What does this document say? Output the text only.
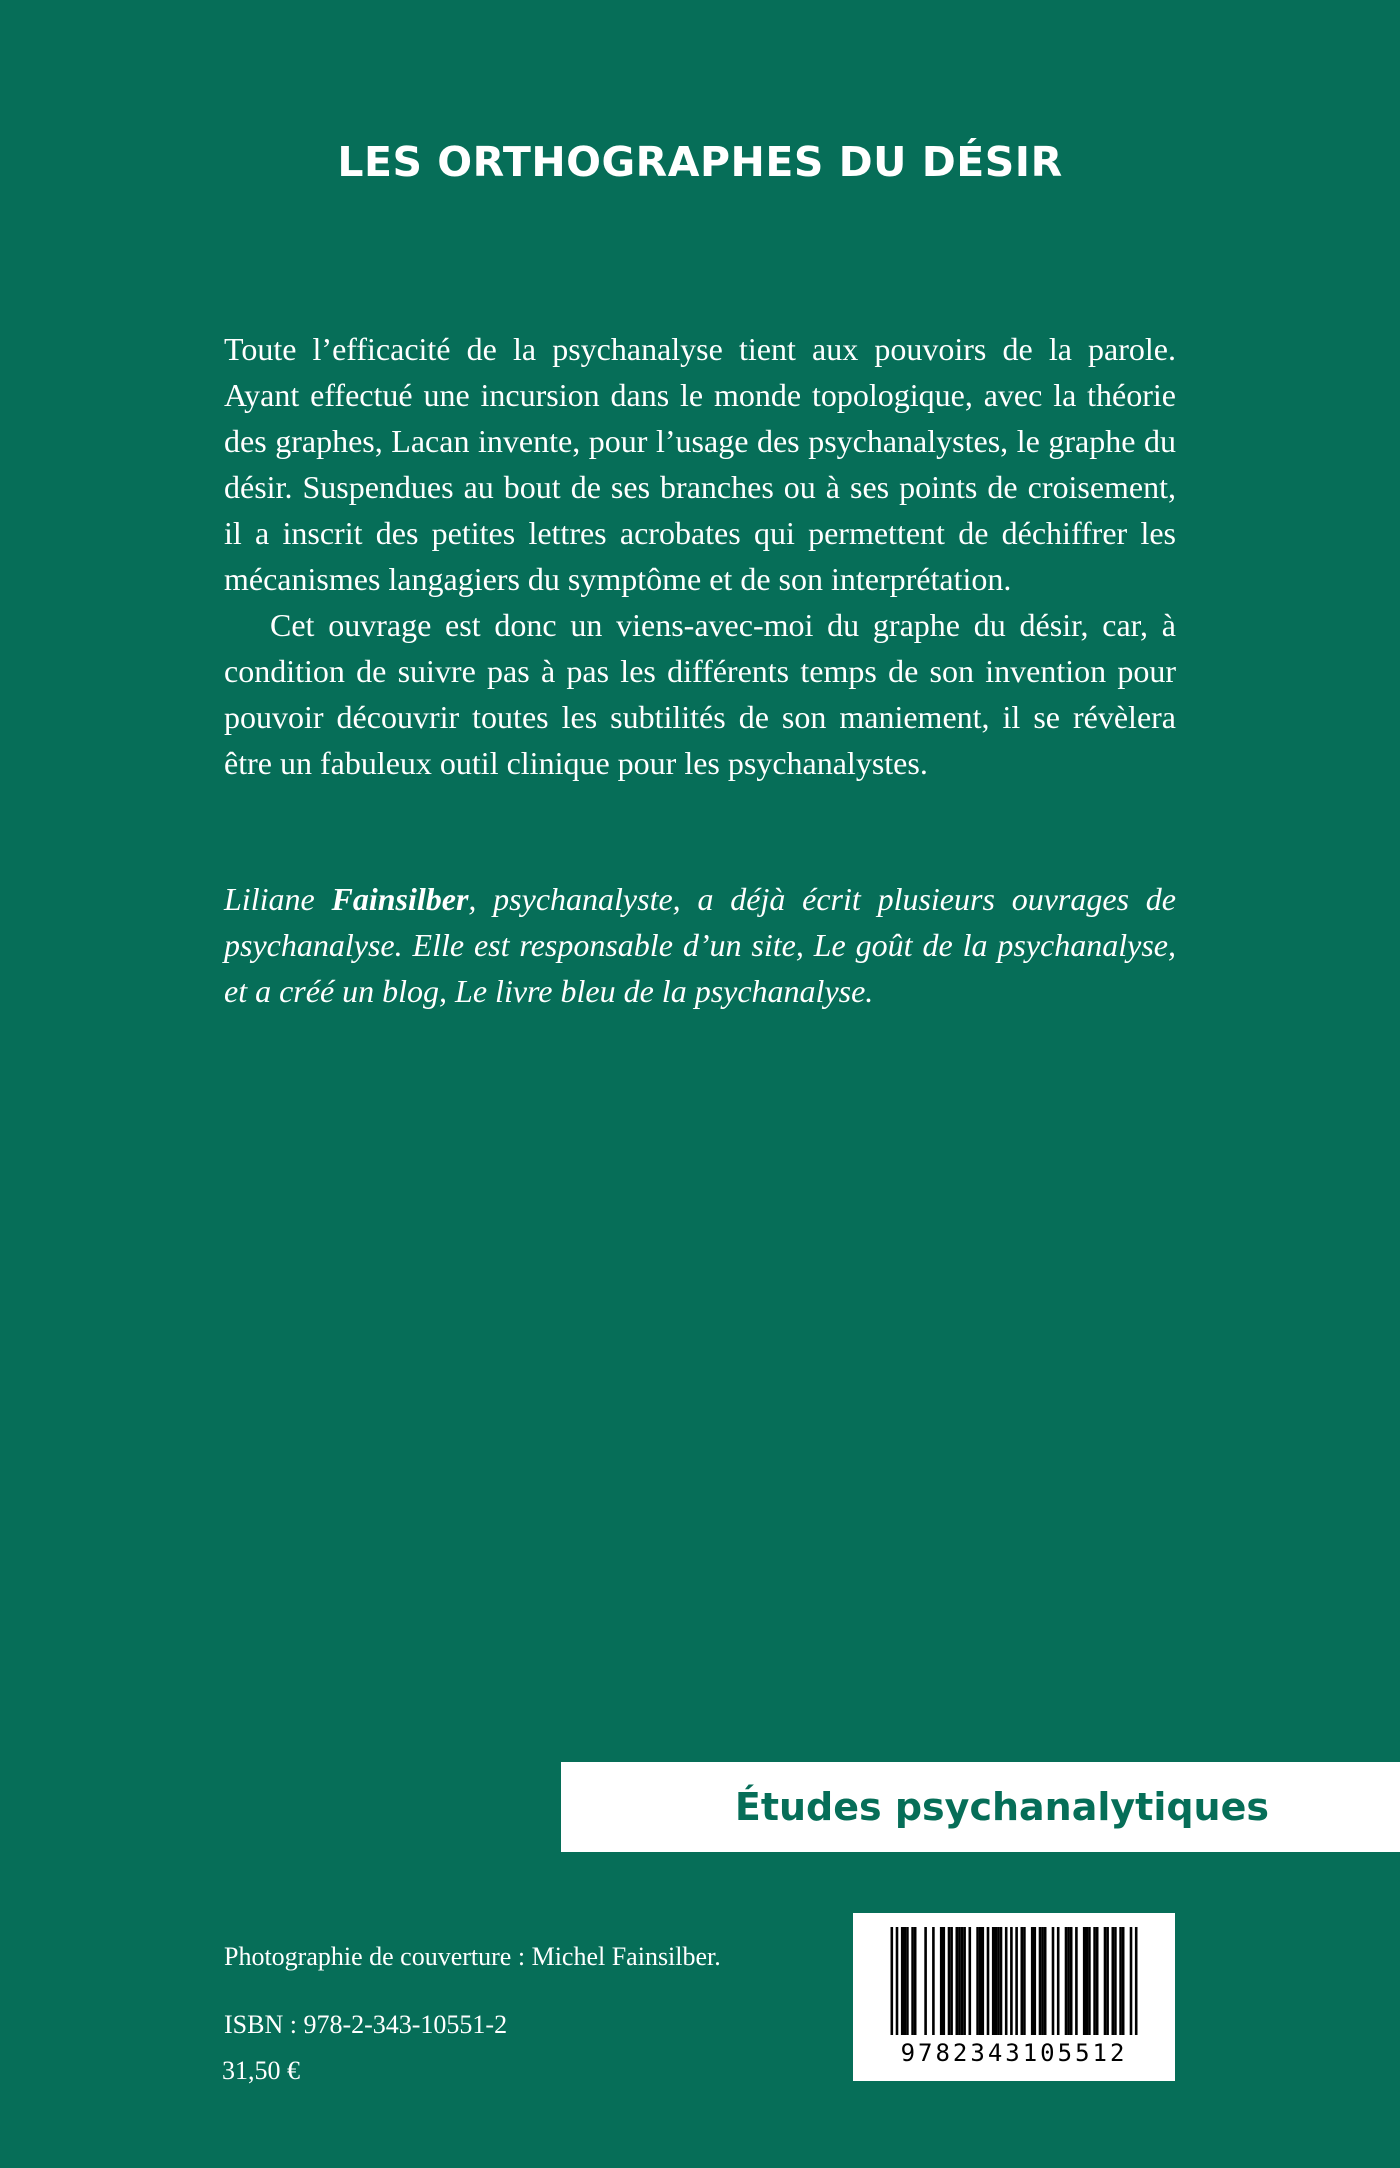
LES ORTHOGRAPHES DU DÉSIR

Toute l’efficacité de la psychanalyse tient aux pouvoirs de la parole. Ayant effectué une incursion dans le monde topologique, avec la théorie des graphes, Lacan invente, pour l’usage des psychanalystes, le graphe du désir. Suspendues au bout de ses branches ou à ses points de croisement, il a inscrit des petites lettres acrobates qui permettent de déchiffrer les mécanismes langagiers du symptôme et de son interprétation.

Cet ouvrage est donc un viens-avec-moi du graphe du désir, car, à condition de suivre pas à pas les différents temps de son invention pour pouvoir découvrir toutes les subtilités de son maniement, il se révèlera être un fabuleux outil clinique pour les psychanalystes.

Liliane Fainsilber, psychanalyste, a déjà écrit plusieurs ouvrages de psychanalyse. Elle est responsable d’un site, Le goût de la psychanalyse, et a créé un blog, Le livre bleu de la psychanalyse.

Études psychanalytiques
Photographie de couverture : Michel Fainsilber.
ISBN : 978-2-343-10551-2
31,50 €
9782343105512
